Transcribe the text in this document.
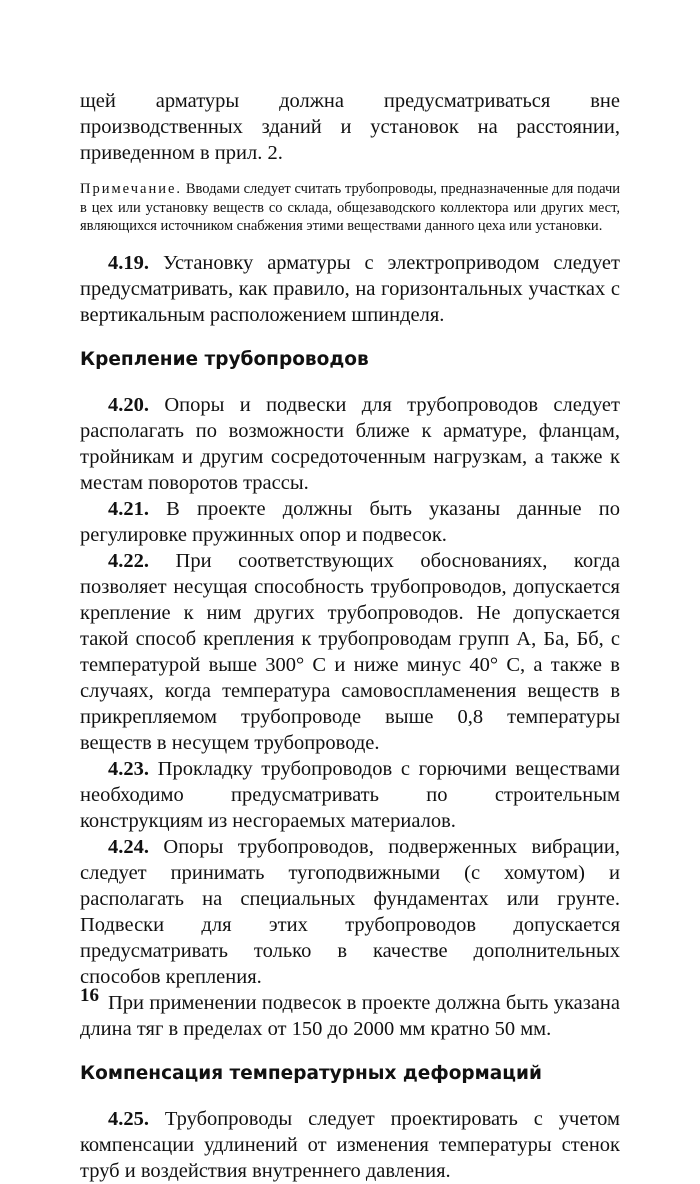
щей арматуры должна предусматриваться вне производственных зданий и установок на расстоянии, приведенном в прил. 2.

Примечание. Вводами следует считать трубопроводы, предназначенные для подачи в цех или установку веществ со склада, общезаводского коллектора или других мест, являющихся источником снабжения этими веществами данного цеха или установки.

4.19. Установку арматуры с электроприводом следует предусматривать, как правило, на горизонтальных участках с вертикальным расположением шпинделя.

Крепление трубопроводов

4.20. Опоры и подвески для трубопроводов следует располагать по возможности ближе к арматуре, фланцам, тройникам и другим сосредоточенным нагрузкам, а также к местам поворотов трассы.

4.21. В проекте должны быть указаны данные по регулировке пружинных опор и подвесок.

4.22. При соответствующих обоснованиях, когда позволяет несущая способность трубопроводов, допускается крепление к ним других трубопроводов. Не допускается такой способ крепления к трубопроводам групп А, Ба, Бб, с температурой выше 300° С и ниже минус 40° С, а также в случаях, когда температура самовоспламенения веществ в прикрепляемом трубопроводе выше 0,8 температуры веществ в несущем трубопроводе.

4.23. Прокладку трубопроводов с горючими веществами необходимо предусматривать по строительным конструкциям из несгораемых материалов.

4.24. Опоры трубопроводов, подверженных вибрации, следует принимать тугоподвижными (с хомутом) и располагать на специальных фундаментах или грунте. Подвески для этих трубопроводов допускается предусматривать только в качестве дополнительных способов крепления.

При применении подвесок в проекте должна быть указана длина тяг в пределах от 150 до 2000 мм кратно 50 мм.

Компенсация температурных деформаций

4.25. Трубопроводы следует проектировать с учетом компенсации удлинений от изменения температуры стенок труб и воздействия внутреннего давления.

16
